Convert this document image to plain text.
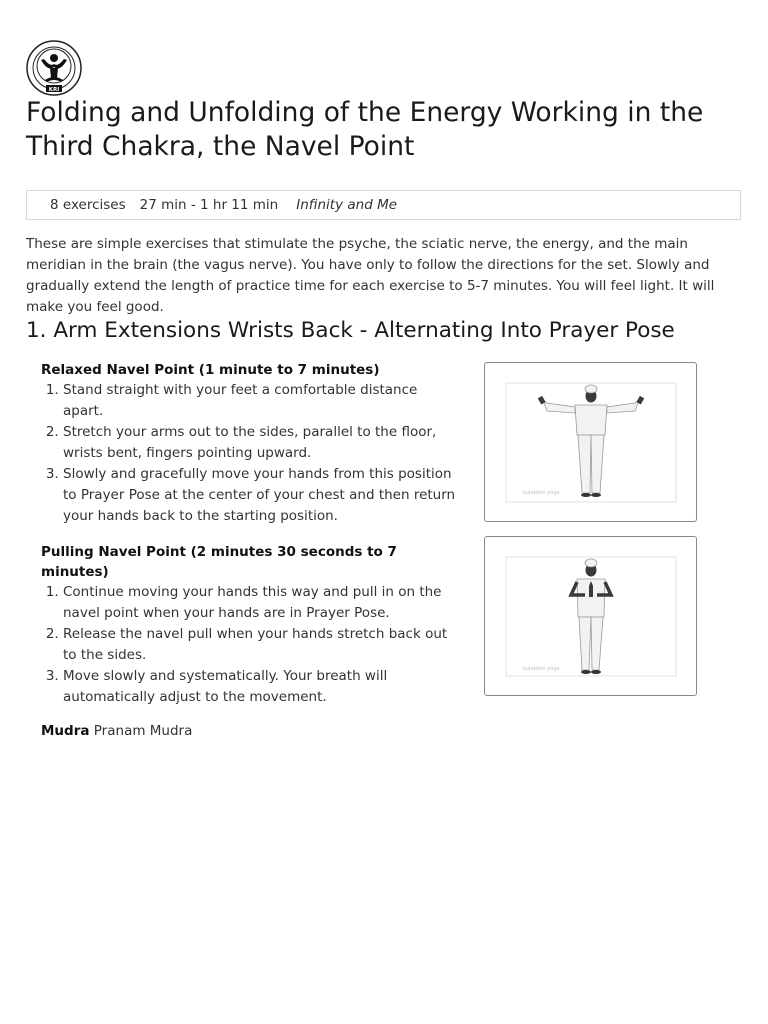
KRI
Folding and Unfolding of the Energy Working in the Third Chakra, the Navel Point
8 exercises 27 min - 1 hr 11 min Infinity and Me

These are simple exercises that stimulate the psyche, the sciatic nerve, the energy, and the main meridian in the brain (the vagus nerve). You have only to follow the directions for the set. Slowly and gradually extend the length of practice time for each exercise to 5-7 minutes. You will feel light. It will make you feel good.

1. Arm Extensions Wrists Back - Alternating Into Prayer Pose

Relaxed Navel Point (1 minute to 7 minutes)

1. Stand straight with your feet a comfortable distance apart.
2. Stretch your arms out to the sides, parallel to the floor, wrists bent, fingers pointing upward.
3. Slowly and gracefully move your hands from this position to Prayer Pose at the center of your chest and then return your hands back to the starting position.

Pulling Navel Point (2 minutes 30 seconds to 7 minutes)

1. Continue moving your hands this way and pull in on the navel point when your hands are in Prayer Pose.
2. Release the navel pull when your hands stretch back out to the sides.
3. Move slowly and systematically. Your breath will automatically adjust to the movement.
Mudra Pranam Mudra
kundalini yoga
kundalini yoga
